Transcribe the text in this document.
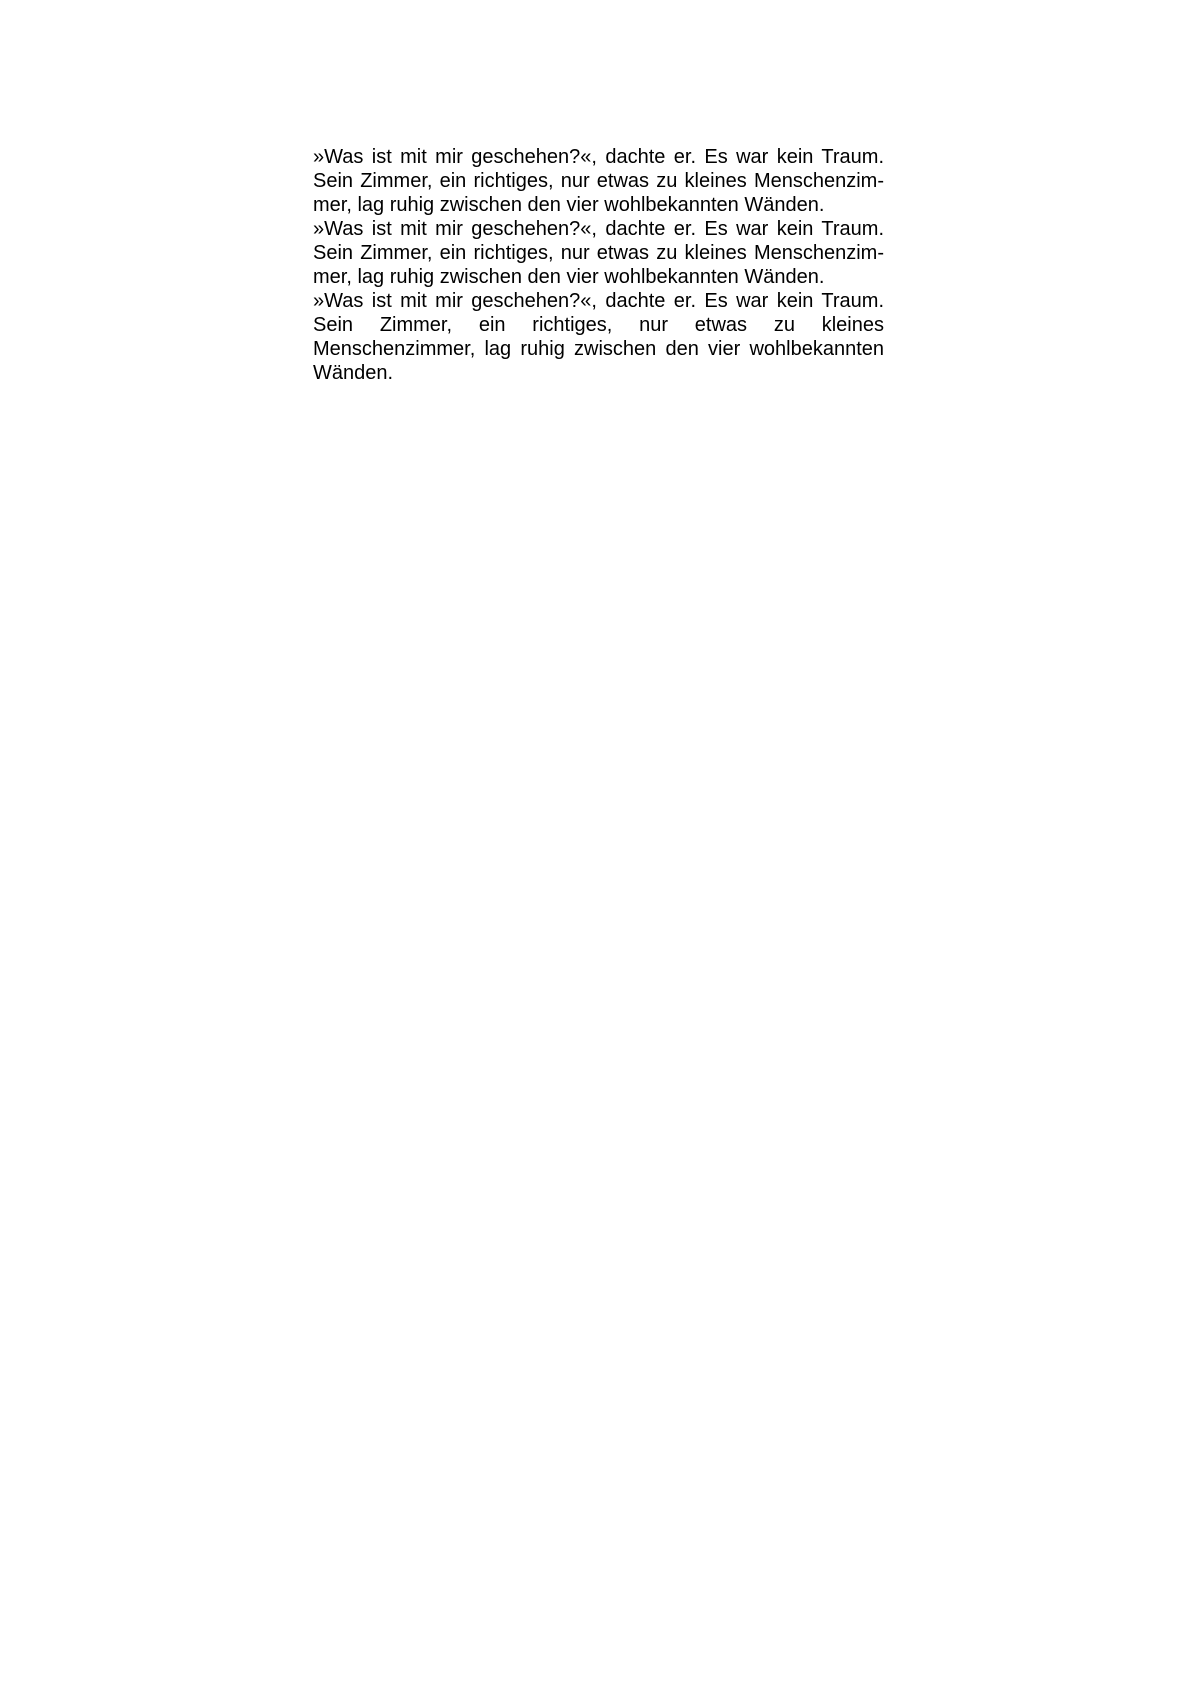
»Was ist mit mir geschehen?«, dachte er. Es war kein Traum.
Sein Zimmer, ein richtiges, nur etwas zu kleines Menschenzim-
mer, lag ruhig zwischen den vier wohlbekannten Wänden.
»Was ist mit mir geschehen?«, dachte er. Es war kein Traum.
Sein Zimmer, ein richtiges, nur etwas zu kleines Menschenzim-
mer, lag ruhig zwischen den vier wohlbekannten Wänden.
»Was ist mit mir geschehen?«, dachte er. Es war kein Traum.
Sein Zimmer, ein richtiges, nur etwas zu kleines
Menschenzimmer, lag ruhig zwischen den vier wohlbekannten
Wänden.
